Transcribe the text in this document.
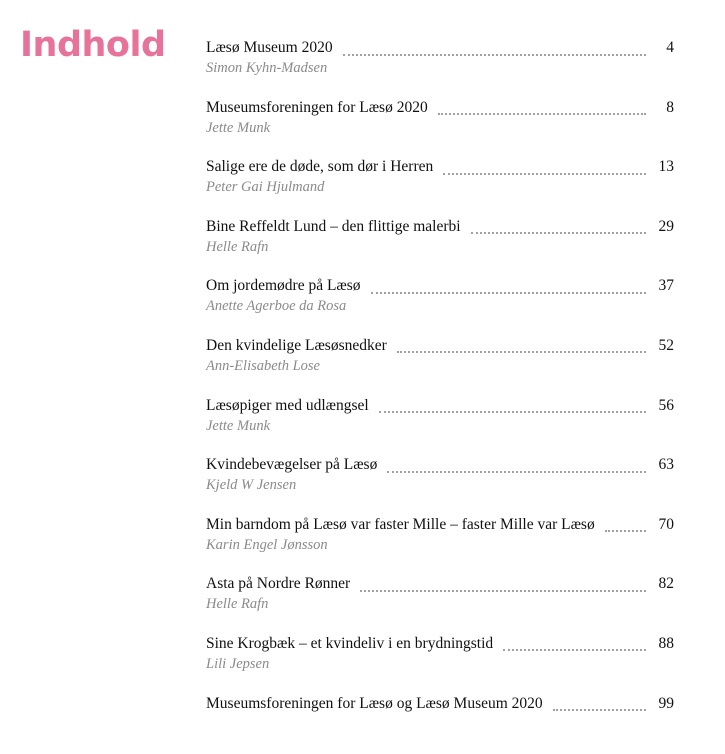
Indhold	Læsø Museum 2020	4
Simon Kyhn-Madsen
Museumsforeningen for Læsø 2020	8
Jette Munk
Salige ere de døde, som dør i Herren	13
Peter Gai Hjulmand
Bine Reffeldt Lund – den flittige malerbi	29
Helle Rafn
Om jordemødre på Læsø	37
Anette Agerboe da Rosa
Den kvindelige Læsøsnedker	52
Ann-Elisabeth Lose
Læsøpiger med udlængsel	56
Jette Munk
Kvindebevægelser på Læsø	63
Kjeld W Jensen
Min barndom på Læsø var faster Mille – faster Mille var Læsø	70
Karin Engel Jønsson
Asta på Nordre Rønner	82
Helle Rafn
Sine Krogbæk – et kvindeliv i en brydningstid	88
Lili Jepsen
Museumsforeningen for Læsø og Læsø Museum 2020	99
